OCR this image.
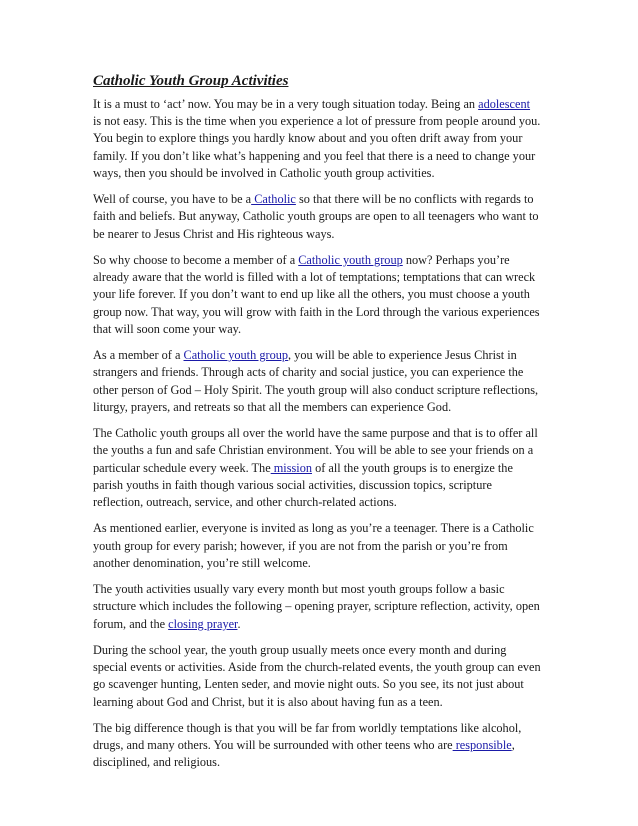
Catholic Youth Group Activities

It is a must to ‘act’ now. You may be in a very tough situation today. Being an adolescent is not easy. This is the time when you experience a lot of pressure from people around you. You begin to explore things you hardly know about and you often drift away from your family. If you don’t like what’s happening and you feel that there is a need to change your ways, then you should be involved in Catholic youth group activities.

Well of course, you have to be a Catholic so that there will be no conflicts with regards to faith and beliefs. But anyway, Catholic youth groups are open to all teenagers who want to be nearer to Jesus Christ and His righteous ways.

So why choose to become a member of a Catholic youth group now? Perhaps you’re already aware that the world is filled with a lot of temptations; temptations that can wreck your life forever. If you don’t want to end up like all the others, you must choose a youth group now. That way, you will grow with faith in the Lord through the various experiences that will soon come your way.

As a member of a Catholic youth group, you will be able to experience Jesus Christ in strangers and friends. Through acts of charity and social justice, you can experience the other person of God – Holy Spirit. The youth group will also conduct scripture reflections, liturgy, prayers, and retreats so that all the members can experience God.

The Catholic youth groups all over the world have the same purpose and that is to offer all the youths a fun and safe Christian environment. You will be able to see your friends on a particular schedule every week. The mission of all the youth groups is to energize the parish youths in faith though various social activities, discussion topics, scripture reflection, outreach, service, and other church-related actions.

As mentioned earlier, everyone is invited as long as you’re a teenager. There is a Catholic youth group for every parish; however, if you are not from the parish or you’re from another denomination, you’re still welcome.

The youth activities usually vary every month but most youth groups follow a basic structure which includes the following – opening prayer, scripture reflection, activity, open forum, and the closing prayer.

During the school year, the youth group usually meets once every month and during special events or activities. Aside from the church-related events, the youth group can even go scavenger hunting, Lenten seder, and movie night outs. So you see, its not just about learning about God and Christ, but it is also about having fun as a teen.

The big difference though is that you will be far from worldly temptations like alcohol, drugs, and many others. You will be surrounded with other teens who are responsible, disciplined, and religious.
